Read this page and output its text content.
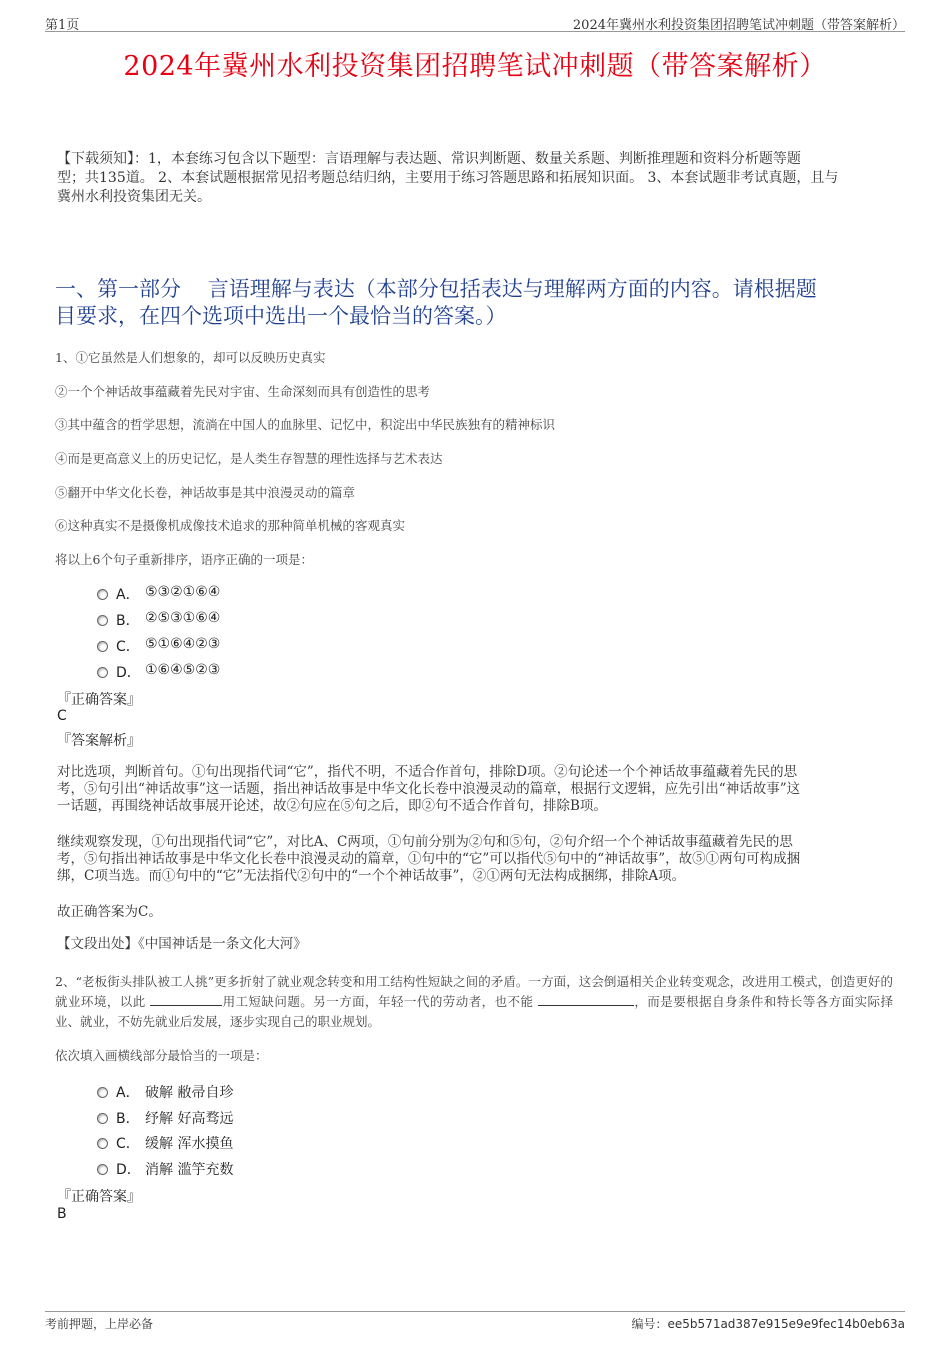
第1页	2024年冀州水利投资集团招聘笔试冲刺题（带答案解析）
2024年冀州水利投资集团招聘笔试冲刺题（带答案解析）
【下载须知】：1，本套练习包含以下题型：言语理解与表达题、常识判断题、数量关系题、判断推理题和资料分析题等题
型；共135道。 2、本套试题根据常见招考题总结归纳，主要用于练习答题思路和拓展知识面。 3、本套试题非考试真题，且与
冀州水利投资集团无关。
一、第一部分    言语理解与表达（本部分包括表达与理解两方面的内容。请根据题
目要求，在四个选项中选出一个最恰当的答案。）
1、①它虽然是人们想象的，却可以反映历史真实
②一个个神话故事蕴藏着先民对宇宙、生命深刻而具有创造性的思考
③其中蕴含的哲学思想，流淌在中国人的血脉里、记忆中，积淀出中华民族独有的精神标识
④而是更高意义上的历史记忆，是人类生存智慧的理性选择与艺术表达
⑤翻开中华文化长卷，神话故事是其中浪漫灵动的篇章
⑥这种真实不是摄像机成像技术追求的那种简单机械的客观真实
将以上6个句子重新排序，语序正确的一项是：
A． ⑤③②①⑥④
B． ②⑤③①⑥④
C． ⑤①⑥④②③
D． ①⑥④⑤②③
『正确答案』
C
『答案解析』
对比选项，判断首句。①句出现指代词“它”，指代不明，不适合作首句，排除D项。②句论述一个个神话故事蕴藏着先民的思
考，⑤句引出“神话故事”这一话题，指出神话故事是中华文化长卷中浪漫灵动的篇章，根据行文逻辑，应先引出“神话故事”这
一话题，再围绕神话故事展开论述，故②句应在⑤句之后，即②句不适合作首句，排除B项。
继续观察发现，①句出现指代词“它”，对比A、C两项，①句前分别为②句和⑤句，②句介绍一个个神话故事蕴藏着先民的思
考，⑤句指出神话故事是中华文化长卷中浪漫灵动的篇章，①句中的“它”可以指代⑤句中的“神话故事”，故⑤①两句可构成捆
绑，C项当选。而①句中的“它”无法指代②句中的“一个个神话故事”，②①两句无法构成捆绑，排除A项。
故正确答案为C。
【文段出处】《中国神话是一条文化大河》
2、“老板街头排队被工人挑”更多折射了就业观念转变和用工结构性短缺之间的矛盾。一方面，这会倒逼相关企业转变观念，改进用工模式，创造更好的就业环境，以此	用工短缺问题。另一方面，年轻一代的劳动者，也不能	，而是要根据自身条件和特长等各方面实际择业、就业，不妨先就业后发展，逐步实现自己的职业规划。
依次填入画横线部分最恰当的一项是：
A． 破解 敝帚自珍
B． 纾解 好高骛远
C． 缓解 浑水摸鱼
D． 消解 滥竽充数
『正确答案』
B
考前押题，上岸必备	编号：ee5b571ad387e915e9e9fec14b0eb63a
